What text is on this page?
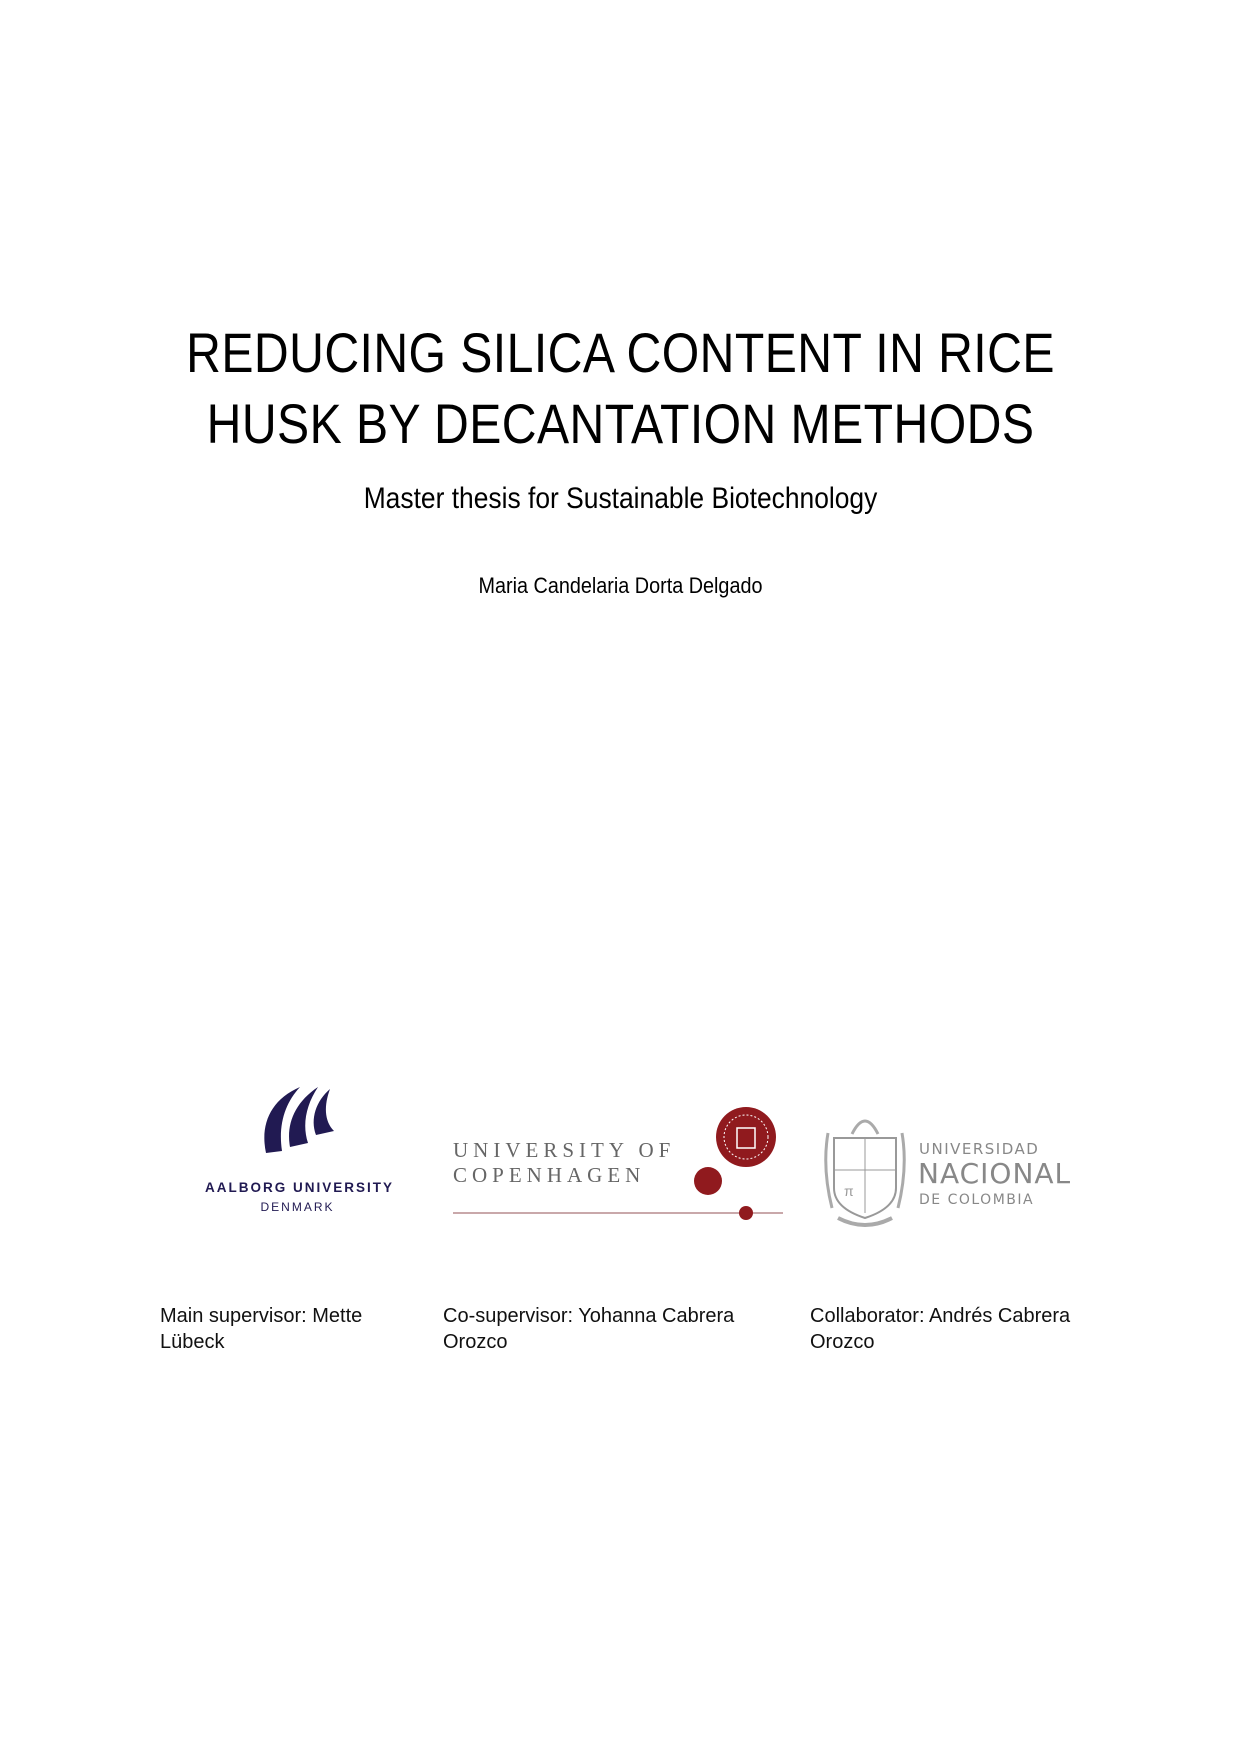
REDUCING SILICA CONTENT IN RICE
HUSK BY DECANTATION METHODS
Master thesis for Sustainable Biotechnology
Maria Candelaria Dorta Delgado
AALBORG UNIVERSITY
DENMARK
UNIVERSITY OF
COPENHAGEN
π
UNIVERSIDAD
NACIONAL
DE COLOMBIA
Main supervisor: Mette Lübeck
Co-supervisor: Yohanna Cabrera Orozco
Collaborator: Andrés Cabrera Orozco
